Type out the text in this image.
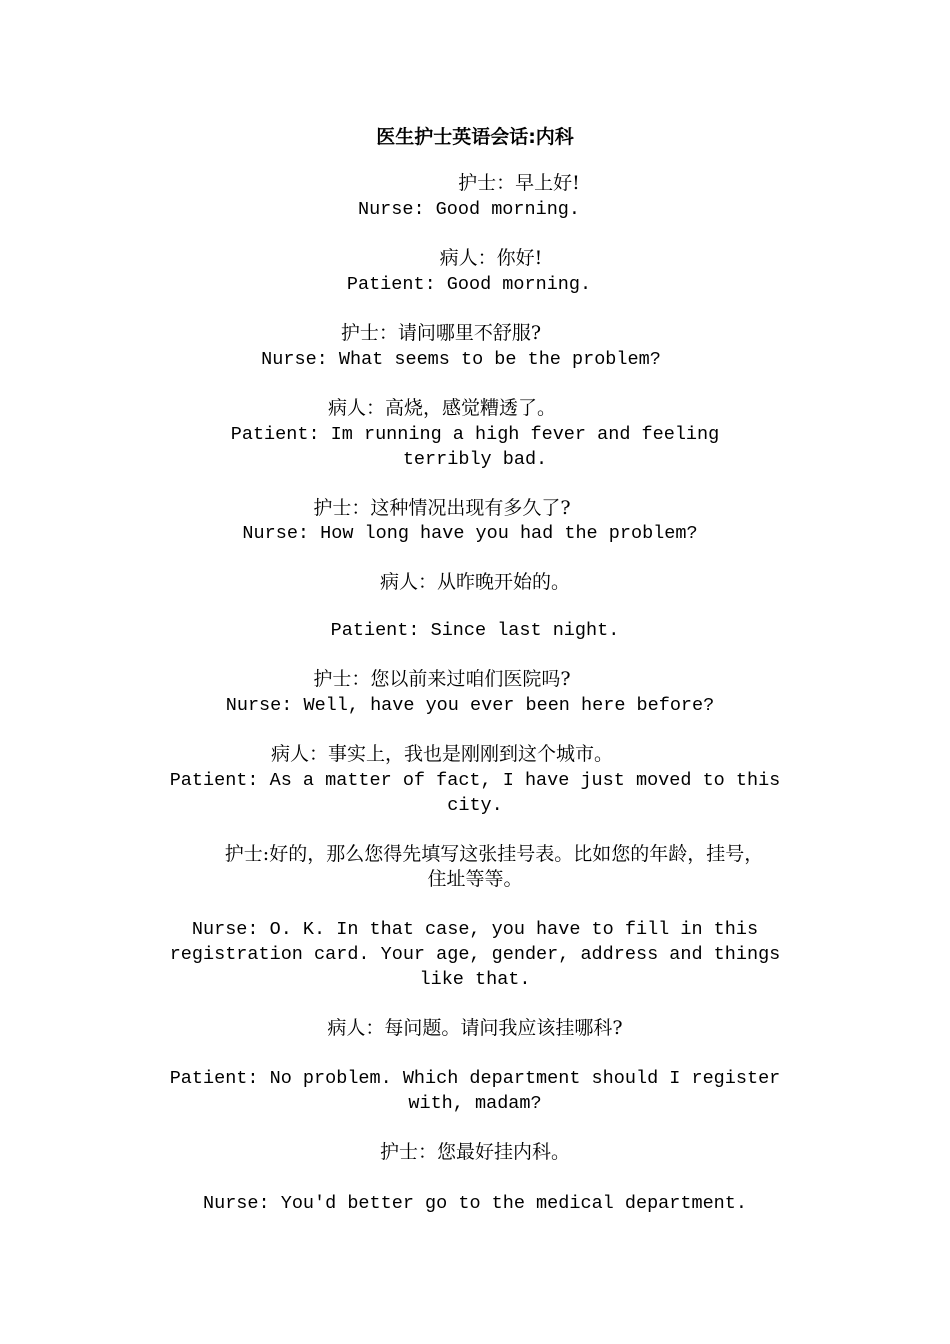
医生护士英语会话:内科
护士：早上好!
Nurse: Good morning.
病人：你好!
Patient: Good morning.
护士：请问哪里不舒服?
Nurse: What seems to be the problem?
病人：高烧，感觉糟透了。
Patient: Im running a high fever and feeling
terribly bad.
护士：这种情况出现有多久了?
Nurse: How long have you had the problem?
病人：从昨晚开始的。
Patient: Since last night.
护士：您以前来过咱们医院吗?
Nurse: Well, have you ever been here before?
病人：事实上，我也是刚刚到这个城市。
Patient: As a matter of fact, I have just moved to this
city.
护士:好的，那么您得先填写这张挂号表。比如您的年龄，挂号，
住址等等。
Nurse: O. K. In that case, you have to fill in this
registration card. Your age, gender, address and things
like that.
病人：每问题。请问我应该挂哪科?
Patient: No problem. Which department should I register
with, madam?
护士：您最好挂内科。
Nurse: You'd better go to the medical department.
